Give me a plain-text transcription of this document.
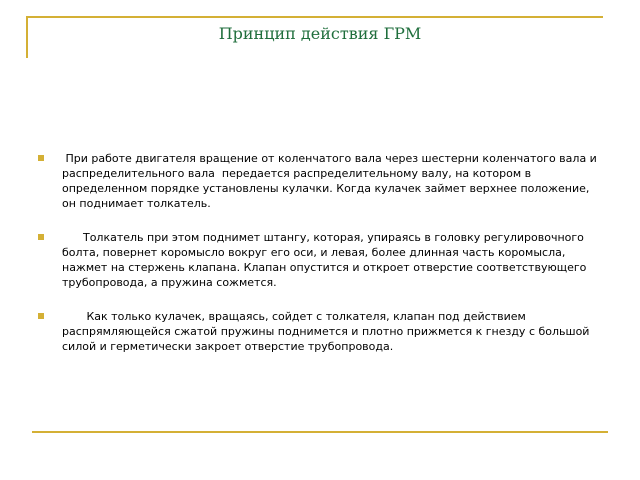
Принцип действия ГРМ
При работе двигателя вращение от коленчатого вала через шестерни коленчатого вала и распределительного вала  передается распределительному валу, на котором в определенном порядке установлены кулачки. Когда кулачек займет верхнее положение, он поднимает толкатель.
Толкатель при этом поднимет штангу, которая, упираясь в головку регулировочного  болта, повернет коромысло вокруг его оси, и левая, более длинная часть коромысла, нажмет на стержень клапана. Клапан опустится и откроет отверстие соответствующего трубопровода, а пружина сожмется.
Как только кулачек, вращаясь, сойдет с толкателя, клапан под действием распрямляющейся сжатой пружины поднимется и плотно прижмется к гнезду с большой силой и герметически закроет отверстие трубопровода.
